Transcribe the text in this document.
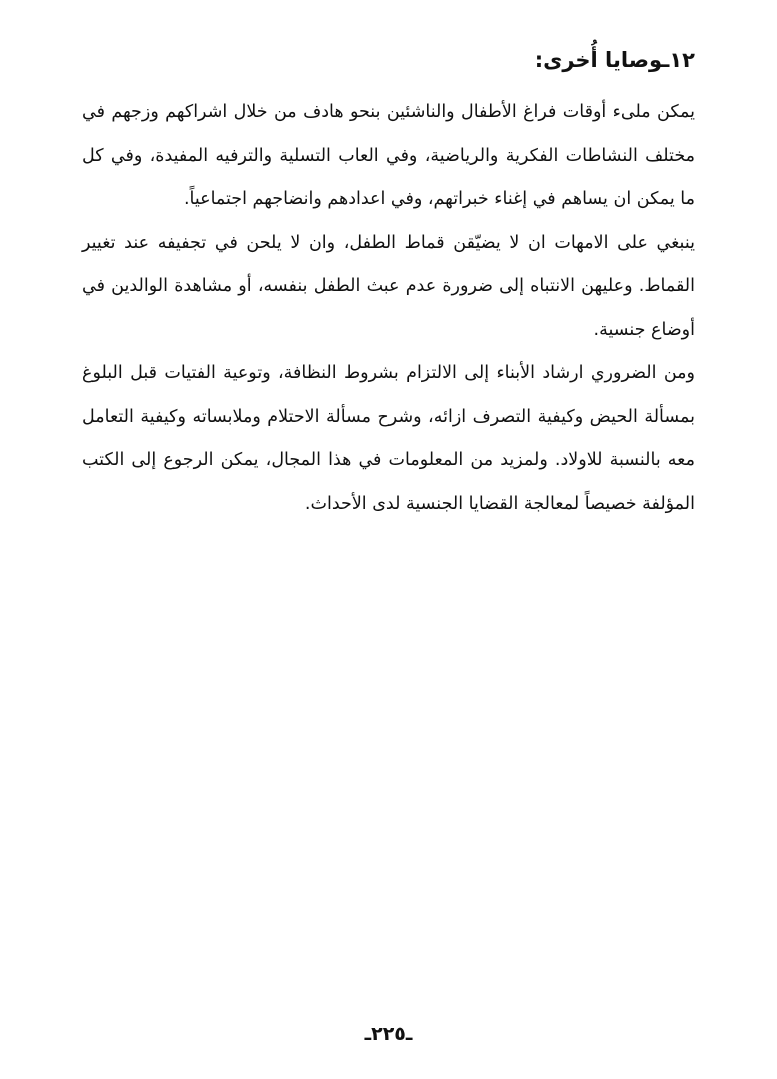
١٢ـوصايا أُخرى:

يمكن ملىء أوقات فراغ الأطفال والناشئين بنحو هادف من خلال اشراكهم وزجهم في مختلف النشاطات الفكرية والرياضية، وفي العاب التسلية والترفيه المفيدة، وفي كل ما يمكن ان يساهم في إغناء خبراتهم، وفي اعدادهم وانضاجهم اجتماعياً.

ينبغي على الامهات ان لا يضيّقن قماط الطفل، وان لا يلحن في تجفيفه عند تغيير القماط. وعليهن الانتباه إلى ضرورة عدم عبث الطفل بنفسه، أو مشاهدة الوالدين في أوضاع جنسية.

ومن الضروري ارشاد الأبناء إلى الالتزام بشروط النظافة، وتوعية الفتيات قبل البلوغ بمسألة الحيض وكيفية التصرف ازائه، وشرح مسألة الاحتلام وملابساته وكيفية التعامل معه بالنسبة للاولاد. ولمزيد من المعلومات في هذا المجال، يمكن الرجوع إلى الكتب المؤلفة خصيصاً لمعالجة القضايا الجنسية لدى الأحداث.

ـ٢٢٥ـ
